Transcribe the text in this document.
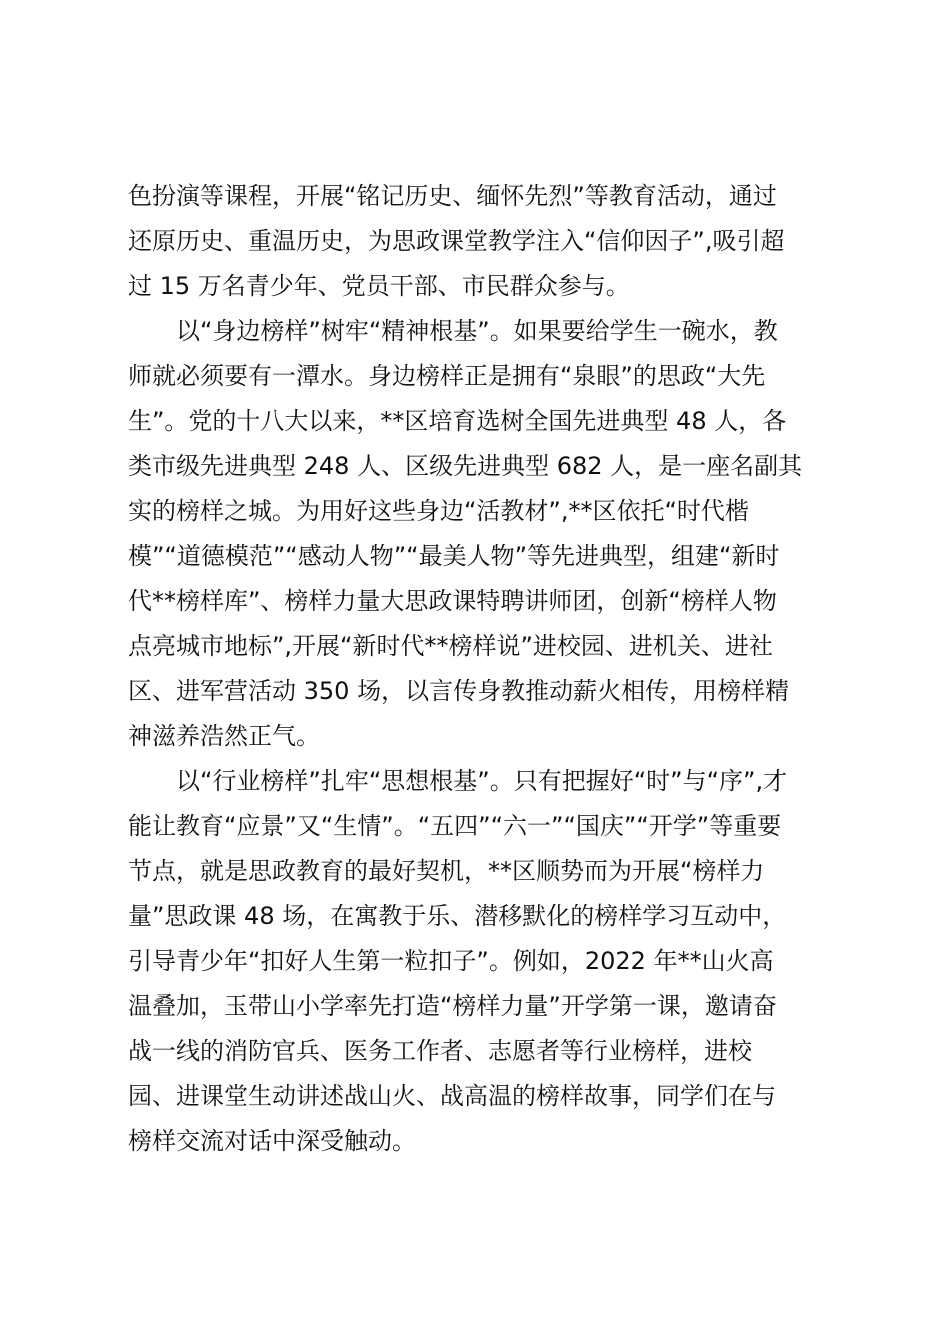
色扮演等课程，开展“铭记历史、缅怀先烈”等教育活动，通过
还原历史、重温历史，为思政课堂教学注入“信仰因子”,吸引超
过 15 万名青少年、党员干部、市民群众参与。
以“身边榜样”树牢“精神根基”。如果要给学生一碗水，教
师就必须要有一潭水。身边榜样正是拥有“泉眼”的思政“大先
生”。党的十八大以来，**区培育选树全国先进典型 48 人，各
类市级先进典型 248 人、区级先进典型 682 人，是一座名副其
实的榜样之城。为用好这些身边“活教材”,**区依托“时代楷
模”“道德模范”“感动人物”“最美人物”等先进典型，组建“新时
代**榜样库”、榜样力量大思政课特聘讲师团，创新“榜样人物
点亮城市地标”,开展“新时代**榜样说”进校园、进机关、进社
区、进军营活动 350 场，以言传身教推动薪火相传，用榜样精
神滋养浩然正气。
以“行业榜样”扎牢“思想根基”。只有把握好“时”与“序”,才
能让教育“应景”又“生情”。“五四”“六一”“国庆”“开学”等重要
节点，就是思政教育的最好契机，**区顺势而为开展“榜样力
量”思政课 48 场，在寓教于乐、潜移默化的榜样学习互动中，
引导青少年“扣好人生第一粒扣子”。例如，2022 年**山火高
温叠加，玉带山小学率先打造“榜样力量”开学第一课，邀请奋
战一线的消防官兵、医务工作者、志愿者等行业榜样，进校
园、进课堂生动讲述战山火、战高温的榜样故事，同学们在与
榜样交流对话中深受触动。
